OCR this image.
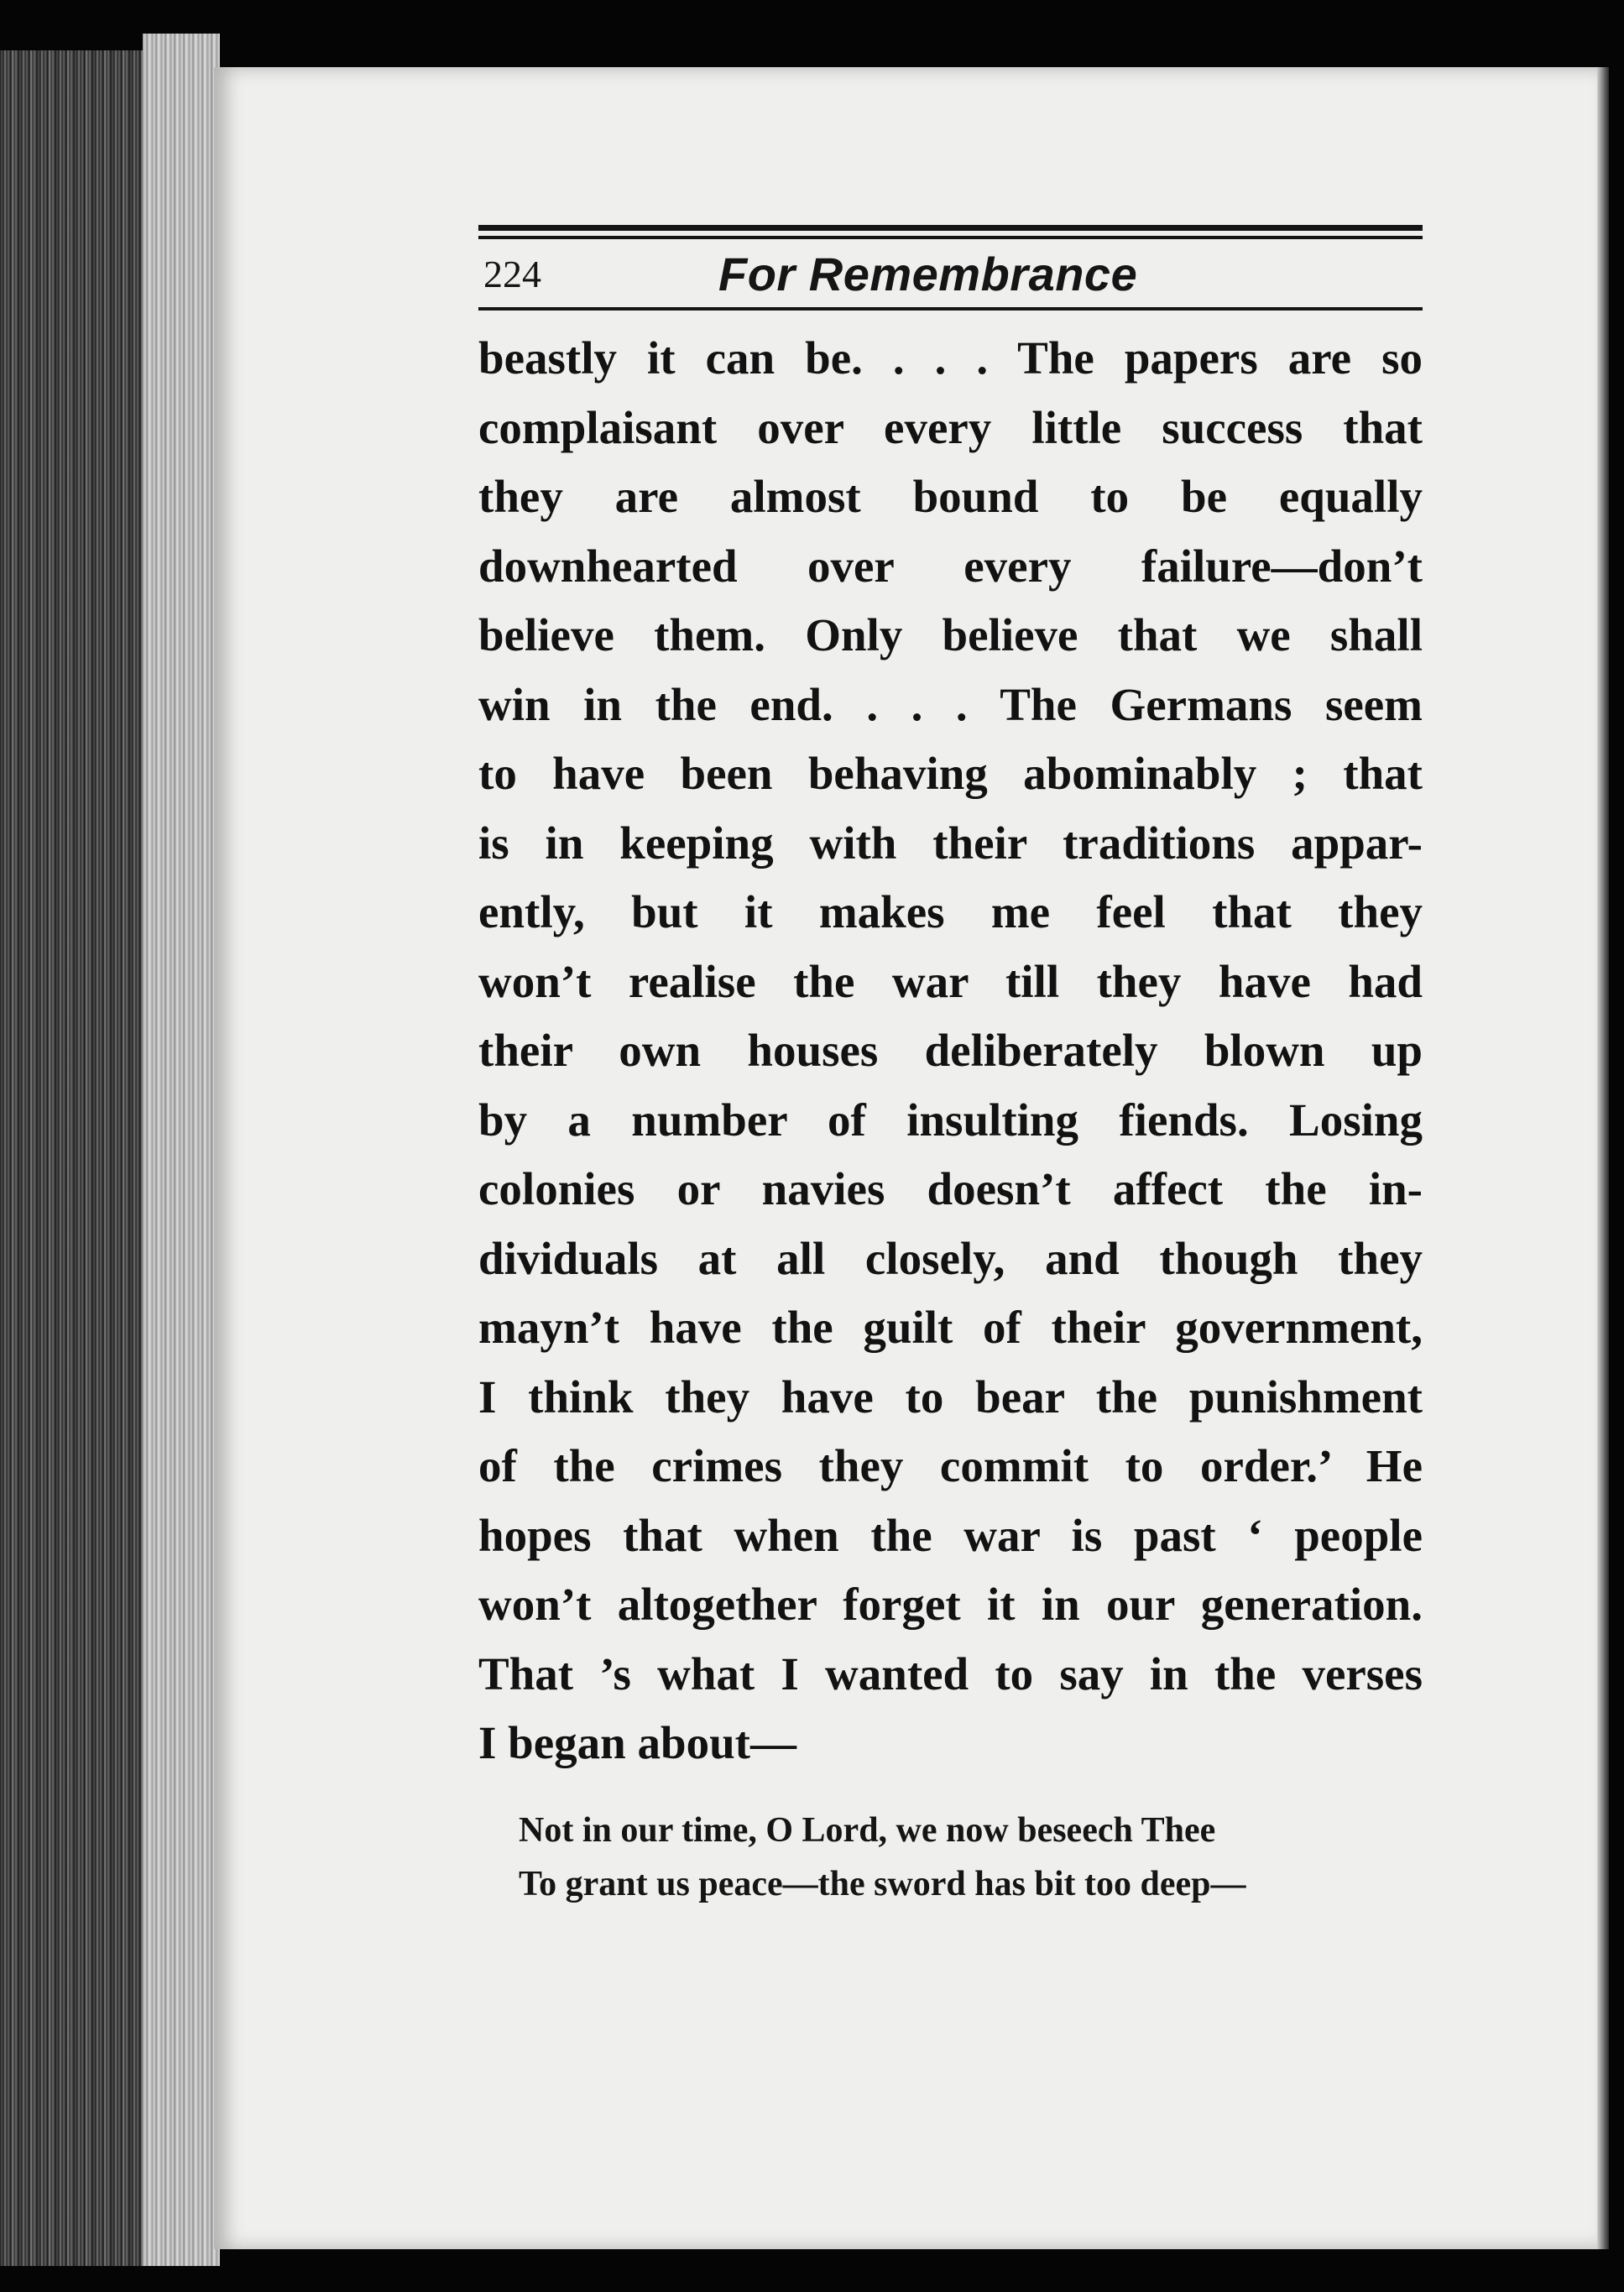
224	For Remembrance
beastly it can be. . . . The papers are so
complaisant over every little success that
they are almost bound to be equally
downhearted over every failure—don’t
believe them. Only believe that we shall
win in the end. . . . The Germans seem
to have been behaving abominably ; that
is in keeping with their traditions appar-
ently, but it makes me feel that they
won’t realise the war till they have had
their own houses deliberately blown up
by a number of insulting fiends. Losing
colonies or navies doesn’t affect the in-
dividuals at all closely, and though they
mayn’t have the guilt of their government,
I think they have to bear the punishment
of the crimes they commit to order.’ He
hopes that when the war is past ‘ people
won’t altogether forget it in our generation.
That ’s what I wanted to say in the verses
I began about—
Not in our time, O Lord, we now beseech Thee
To grant us peace—the sword has bit too deep—
